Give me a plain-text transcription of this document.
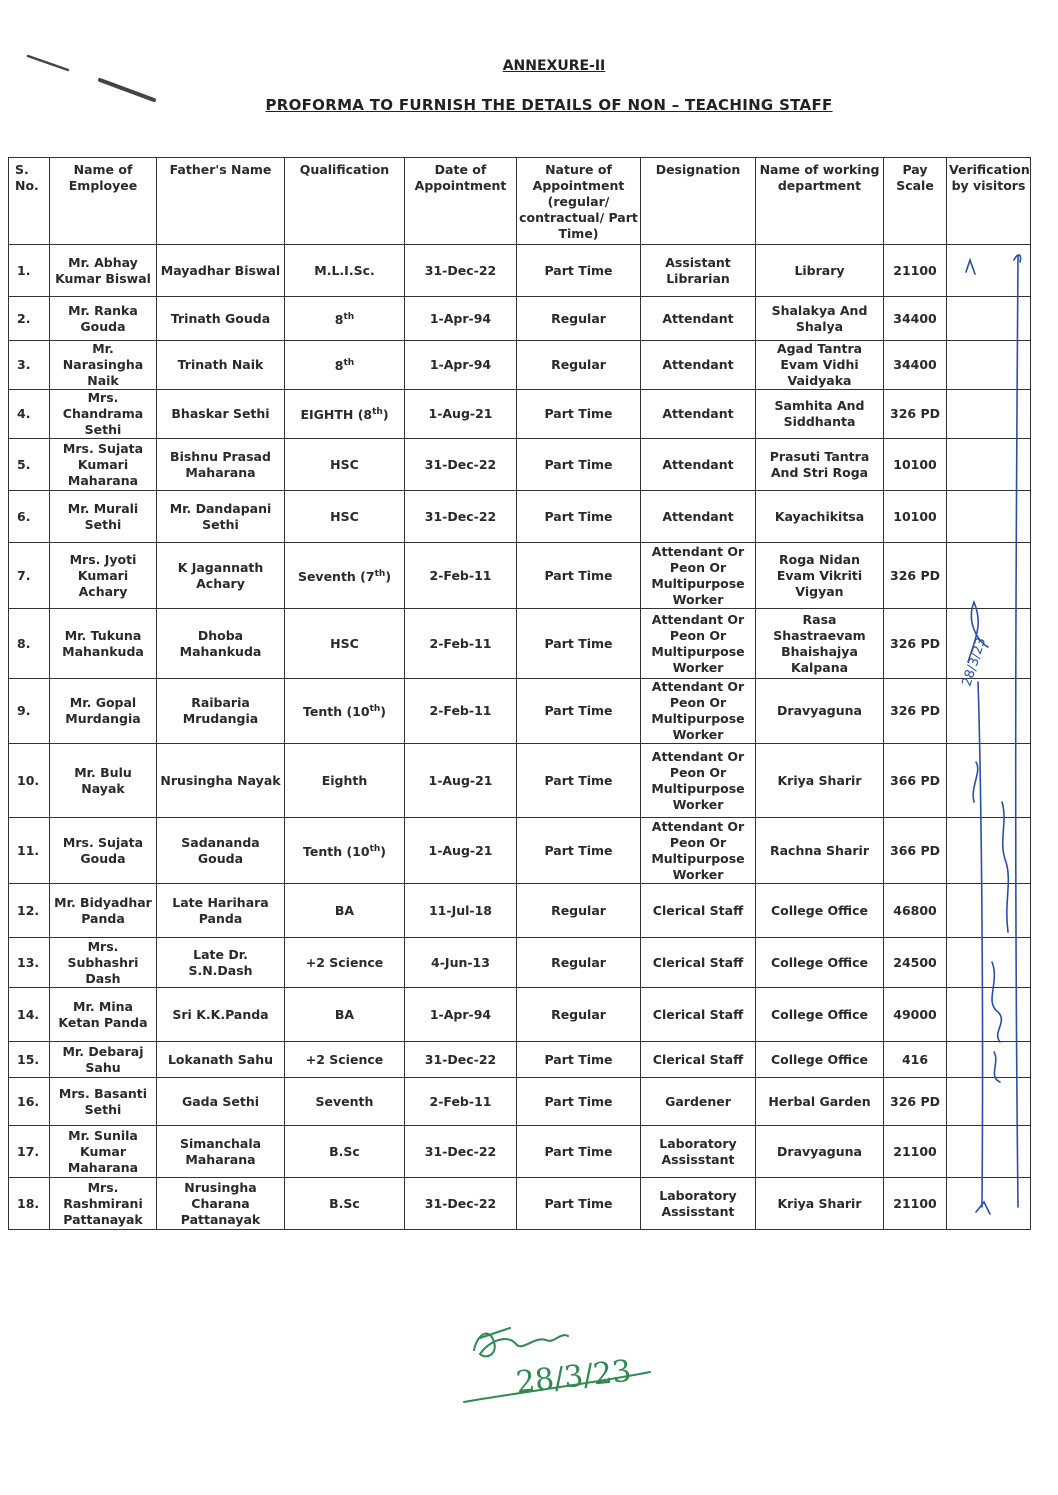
ANNEXURE-II
PROFORMA TO FURNISH THE DETAILS OF NON – TEACHING STAFF
S. No.	Name of Employee	Father's Name	Qualification	Date of Appointment	Nature of Appointment (regular/ contractual/ Part Time)	Designation	Name of working department	Pay Scale	Verification by visitors
1.	Mr. Abhay Kumar Biswal	Mayadhar Biswal	M.L.I.Sc.	31-Dec-22	Part Time	Assistant Librarian	Library	21100	
2.	Mr. Ranka Gouda	Trinath Gouda	8th	1-Apr-94	Regular	Attendant	Shalakya And Shalya	34400	
3.	Mr. Narasingha Naik	Trinath Naik	8th	1-Apr-94	Regular	Attendant	Agad Tantra Evam Vidhi Vaidyaka	34400	
4.	Mrs. Chandrama Sethi	Bhaskar Sethi	EIGHTH (8th)	1-Aug-21	Part Time	Attendant	Samhita And Siddhanta	326 PD	
5.	Mrs. Sujata Kumari Maharana	Bishnu Prasad Maharana	HSC	31-Dec-22	Part Time	Attendant	Prasuti Tantra And Stri Roga	10100	
6.	Mr. Murali Sethi	Mr. Dandapani Sethi	HSC	31-Dec-22	Part Time	Attendant	Kayachikitsa	10100	
7.	Mrs. Jyoti Kumari Achary	K Jagannath Achary	Seventh (7th)	2-Feb-11	Part Time	Attendant Or Peon Or Multipurpose Worker	Roga Nidan Evam Vikriti Vigyan	326 PD	
8.	Mr. Tukuna Mahankuda	Dhoba Mahankuda	HSC	2-Feb-11	Part Time	Attendant Or Peon Or Multipurpose Worker	Rasa Shastraevam Bhaishajya Kalpana	326 PD	
9.	Mr. Gopal Murdangia	Raibaria Mrudangia	Tenth (10th)	2-Feb-11	Part Time	Attendant Or Peon Or Multipurpose Worker	Dravyaguna	326 PD	
10.	Mr. Bulu Nayak	Nrusingha Nayak	Eighth	1-Aug-21	Part Time	Attendant Or Peon Or Multipurpose Worker	Kriya Sharir	366 PD	
11.	Mrs. Sujata Gouda	Sadananda Gouda	Tenth (10th)	1-Aug-21	Part Time	Attendant Or Peon Or Multipurpose Worker	Rachna Sharir	366 PD	
12.	Mr. Bidyadhar Panda	Late Harihara Panda	BA	11-Jul-18	Regular	Clerical Staff	College Office	46800	
13.	Mrs. Subhashri Dash	Late Dr. S.N.Dash	+2 Science	4-Jun-13	Regular	Clerical Staff	College Office	24500	
14.	Mr. Mina Ketan Panda	Sri K.K.Panda	BA	1-Apr-94	Regular	Clerical Staff	College Office	49000	
15.	Mr. Debaraj Sahu	Lokanath Sahu	+2 Science	31-Dec-22	Part Time	Clerical Staff	College Office	416	
16.	Mrs. Basanti Sethi	Gada Sethi	Seventh	2-Feb-11	Part Time	Gardener	Herbal Garden	326 PD	
17.	Mr. Sunila Kumar Maharana	Simanchala Maharana	B.Sc	31-Dec-22	Part Time	Laboratory Assisstant	Dravyaguna	21100	
18.	Mrs. Rashmirani Pattanayak	Nrusingha Charana Pattanayak	B.Sc	31-Dec-22	Part Time	Laboratory Assisstant	Kriya Sharir	21100	
28/3/23
28/3/23
